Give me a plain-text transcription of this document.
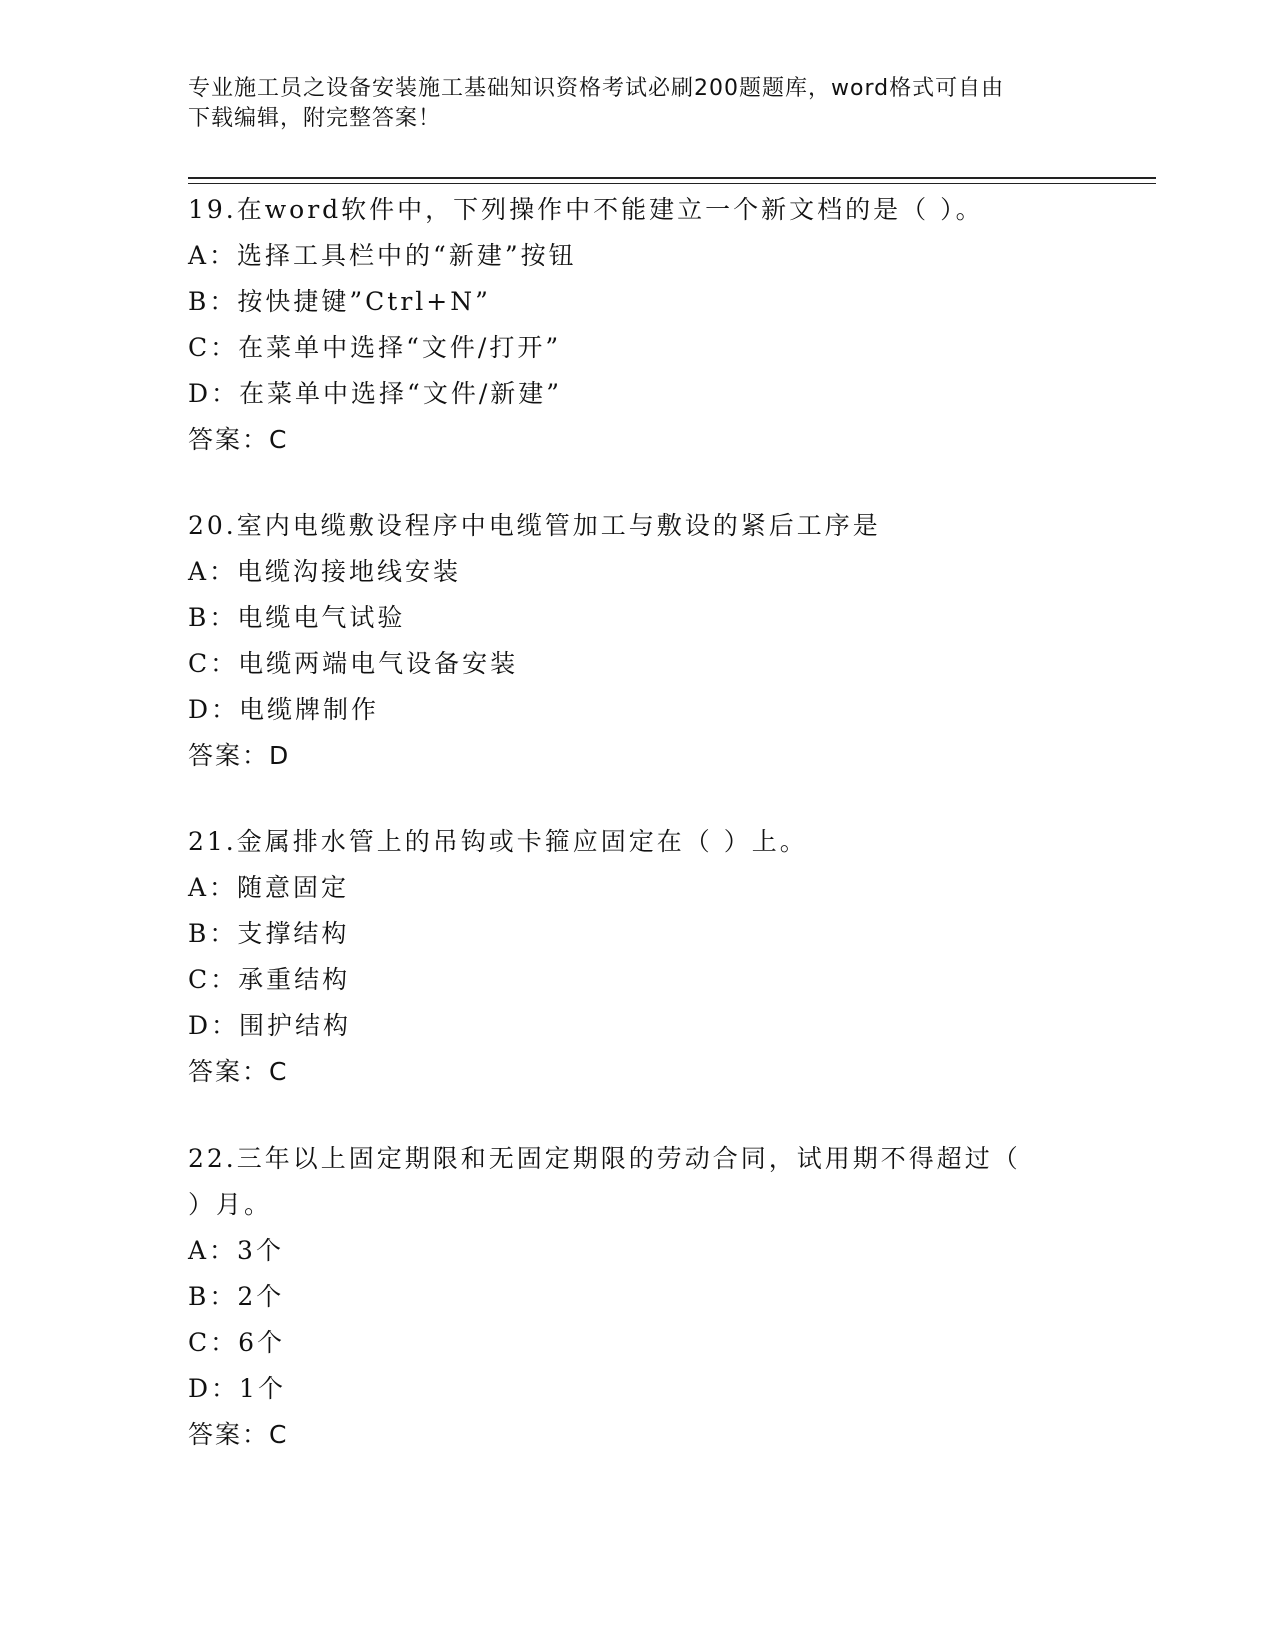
专业施工员之设备安装施工基础知识资格考试必刷200题题库，word格式可自由
下载编辑，附完整答案！
19.在word软件中，下列操作中不能建立一个新文档的是（ ）。
A：选择工具栏中的“新建”按钮
B：按快捷键”Ctrl+N”
C：在菜单中选择“文件/打开”
D：在菜单中选择“文件/新建”
答案：C
20.室内电缆敷设程序中电缆管加工与敷设的紧后工序是
A：电缆沟接地线安装
B：电缆电气试验
C：电缆两端电气设备安装
D：电缆牌制作
答案：D
21.金属排水管上的吊钩或卡箍应固定在（ ）上。
A：随意固定
B：支撑结构
C：承重结构
D：围护结构
答案：C
22.三年以上固定期限和无固定期限的劳动合同，试用期不得超过（
）月。
A：3个
B：2个
C：6个
D：1个
答案：C
